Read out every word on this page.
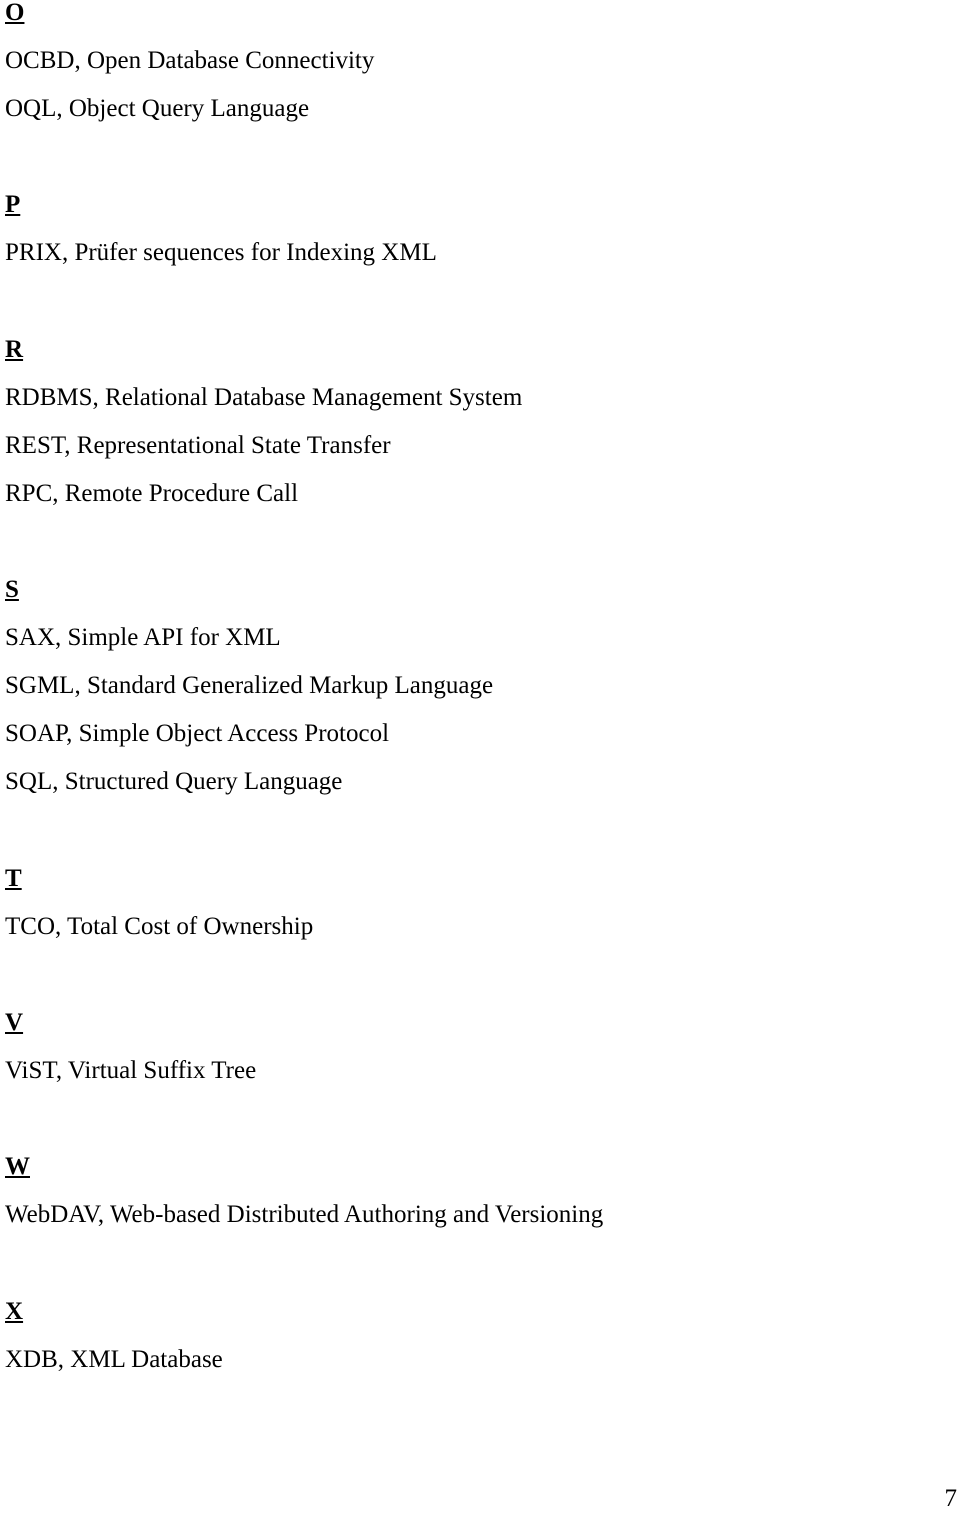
O
OCBD, Open Database Connectivity
OQL, Object Query Language
P
PRIX, Prüfer sequences for Indexing XML
R
RDBMS, Relational Database Management System
REST, Representational State Transfer
RPC, Remote Procedure Call
S
SAX, Simple API for XML
SGML, Standard Generalized Markup Language
SOAP, Simple Object Access Protocol
SQL, Structured Query Language
T
TCO, Total Cost of Ownership
V
ViST, Virtual Suffix Tree
W
WebDAV, Web-based Distributed Authoring and Versioning
X
XDB, XML Database
7
